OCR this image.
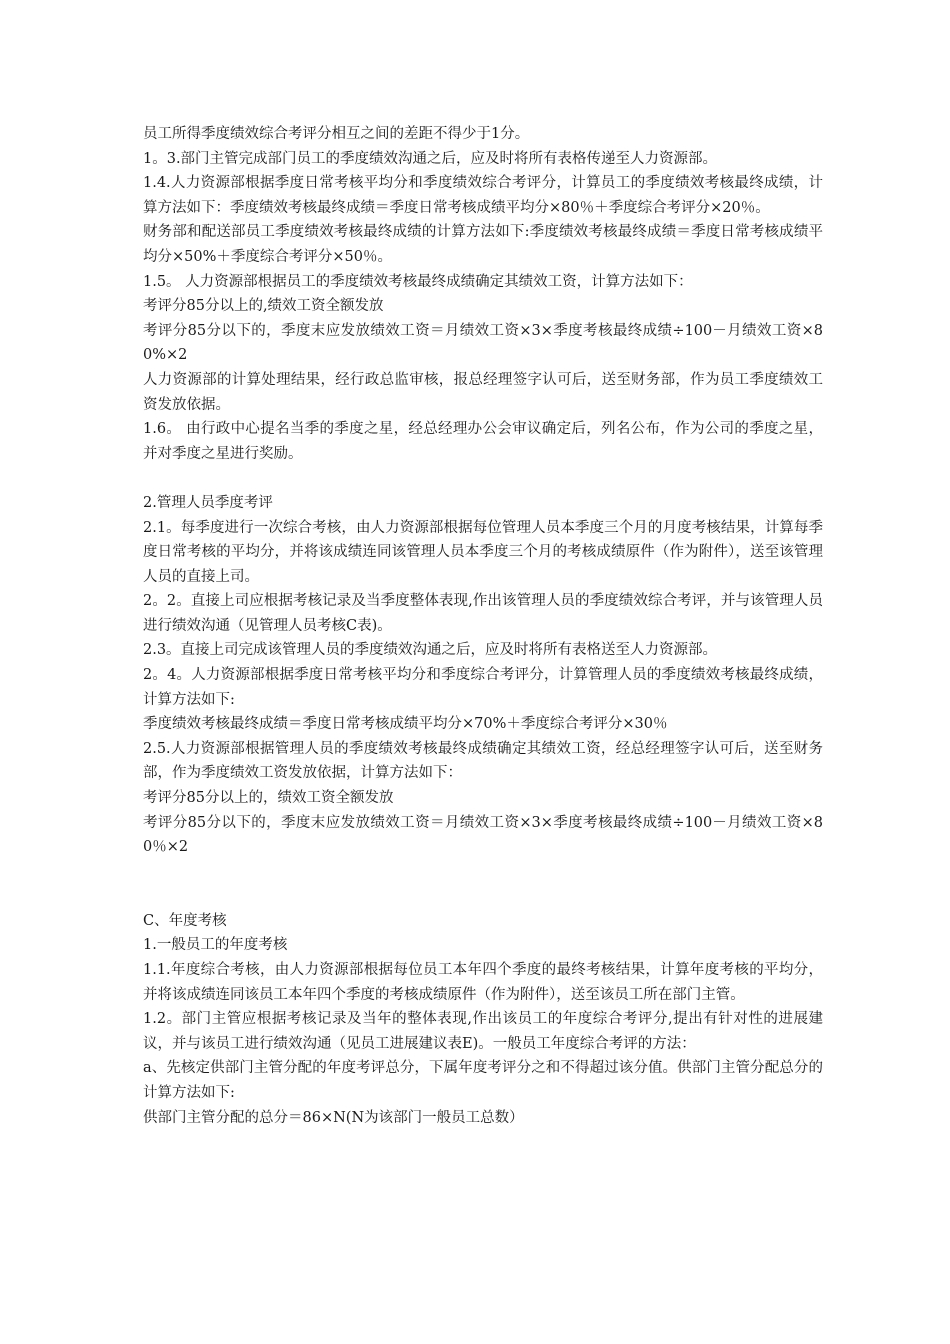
员工所得季度绩效综合考评分相互之间的差距不得少于1分。

1。3.部门主管完成部门员工的季度绩效沟通之后，应及时将所有表格传递至人力资源部。

1.4.人力资源部根据季度日常考核平均分和季度绩效综合考评分，计算员工的季度绩效考核最终成绩，计算方法如下：季度绩效考核最终成绩＝季度日常考核成绩平均分×80％＋季度综合考评分×20％。

财务部和配送部员工季度绩效考核最终成绩的计算方法如下:季度绩效考核最终成绩＝季度日常考核成绩平均分×50%＋季度综合考评分×50％。

1.5。 人力资源部根据员工的季度绩效考核最终成绩确定其绩效工资，计算方法如下：

考评分85分以上的,绩效工资全额发放

考评分85分以下的，季度末应发放绩效工资＝月绩效工资×3×季度考核最终成绩÷100－月绩效工资×80%×2

人力资源部的计算处理结果，经行政总监审核，报总经理签字认可后，送至财务部，作为员工季度绩效工资发放依据。

1.6。 由行政中心提名当季的季度之星，经总经理办公会审议确定后，列名公布，作为公司的季度之星，并对季度之星进行奖励。

2.管理人员季度考评

2.1。每季度进行一次综合考核，由人力资源部根据每位管理人员本季度三个月的月度考核结果，计算每季度日常考核的平均分，并将该成绩连同该管理人员本季度三个月的考核成绩原件（作为附件），送至该管理人员的直接上司。

2。2。直接上司应根据考核记录及当季度整体表现,作出该管理人员的季度绩效综合考评，并与该管理人员进行绩效沟通（见管理人员考核C表)。

2.3。直接上司完成该管理人员的季度绩效沟通之后，应及时将所有表格送至人力资源部。

2。4。人力资源部根据季度日常考核平均分和季度综合考评分，计算管理人员的季度绩效考核最终成绩，计算方法如下:

季度绩效考核最终成绩＝季度日常考核成绩平均分×70%＋季度综合考评分×30％

2.5.人力资源部根据管理人员的季度绩效考核最终成绩确定其绩效工资，经总经理签字认可后，送至财务部，作为季度绩效工资发放依据，计算方法如下：

考评分85分以上的，绩效工资全额发放

考评分85分以下的，季度末应发放绩效工资＝月绩效工资×3×季度考核最终成绩÷100－月绩效工资×80％×2

C、年度考核

1.一般员工的年度考核

1.1.年度综合考核，由人力资源部根据每位员工本年四个季度的最终考核结果，计算年度考核的平均分，并将该成绩连同该员工本年四个季度的考核成绩原件（作为附件），送至该员工所在部门主管。

1.2。部门主管应根据考核记录及当年的整体表现,作出该员工的年度综合考评分,提出有针对性的进展建议，并与该员工进行绩效沟通（见员工进展建议表E)。一般员工年度综合考评的方法：

a、先核定供部门主管分配的年度考评总分，下属年度考评分之和不得超过该分值。供部门主管分配总分的计算方法如下:

供部门主管分配的总分＝86×N(N为该部门一般员工总数）
